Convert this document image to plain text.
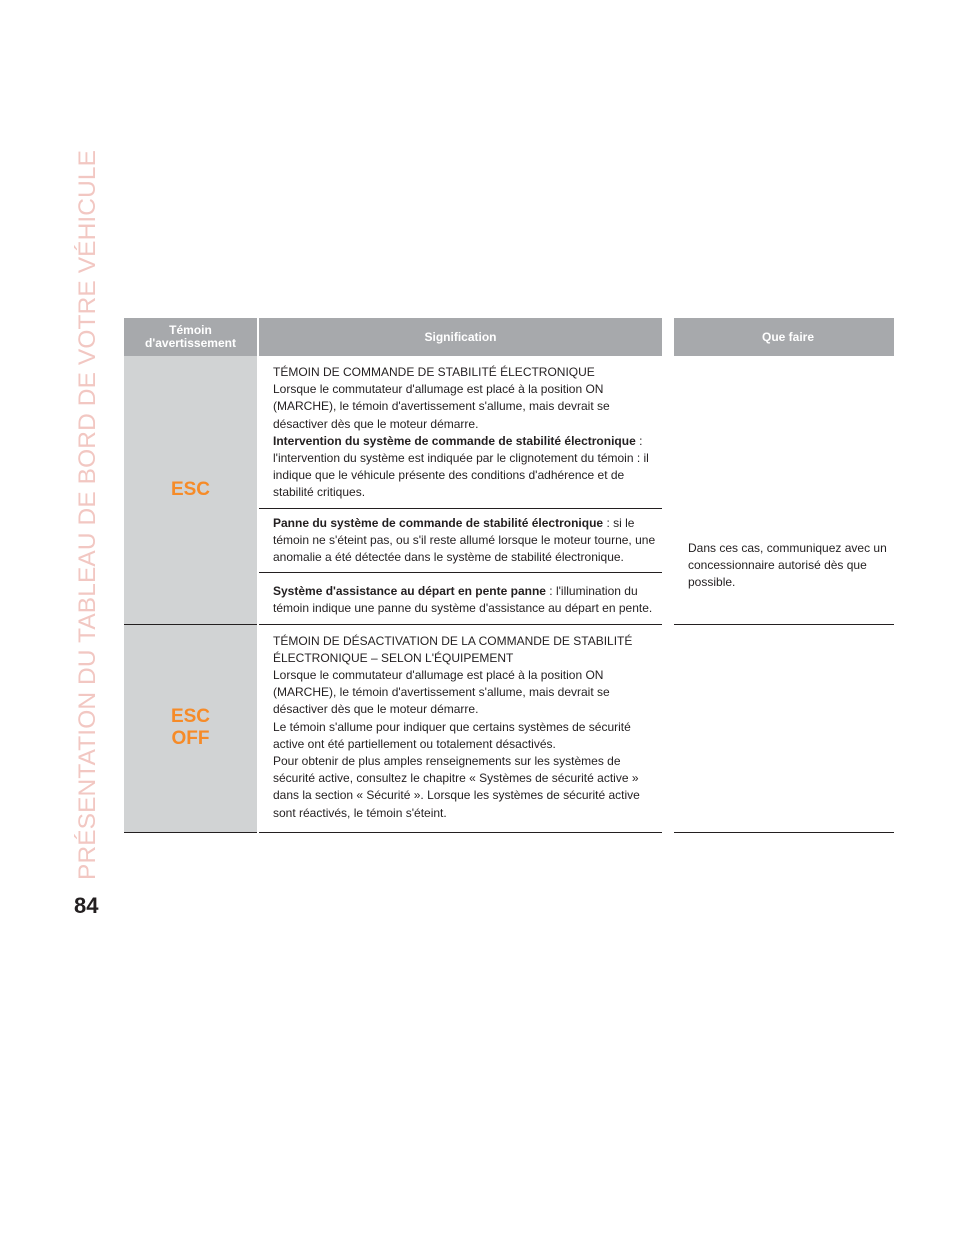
PRÉSENTATION DU TABLEAU DE BORD DE VOTRE VÉHICULE
84
Témoin d'avertissement	Signification	Que faire
ESC	TÉMOIN DE COMMANDE DE STABILITÉ ÉLECTRONIQUE
Lorsque le commutateur d'allumage est placé à la position ON (MARCHE), le témoin d'avertissement s'allume, mais devrait se désactiver dès que le moteur démarre.
Intervention du système de commande de stabilité électronique : l'intervention du système est indiquée par le clignotement du témoin : il indique que le véhicule présente des conditions d'adhérence et de stabilité critiques.	

	Panne du système de commande de stabilité électronique : si le témoin ne s'éteint pas, ou s'il reste allumé lorsque le moteur tourne, une anomalie a été détectée dans le système de stabilité électronique.	Dans ces cas, communiquez avec un concessionnaire autorisé dès que possible.

	Système d'assistance au départ en pente panne : l'illumination du témoin indique une panne du système d'assistance au départ en pente.	

ESC
OFF	TÉMOIN DE DÉSACTIVATION DE LA COMMANDE DE STABILITÉ ÉLECTRONIQUE – SELON L'ÉQUIPEMENT
Lorsque le commutateur d'allumage est placé à la position ON (MARCHE), le témoin d'avertissement s'allume, mais devrait se désactiver dès que le moteur démarre.
Le témoin s'allume pour indiquer que certains systèmes de sécurité active ont été partiellement ou totalement désactivés.
Pour obtenir de plus amples renseignements sur les systèmes de sécurité active, consultez le chapitre « Systèmes de sécurité active » dans la section « Sécurité ». Lorsque les systèmes de sécurité active sont réactivés, le témoin s'éteint.	
